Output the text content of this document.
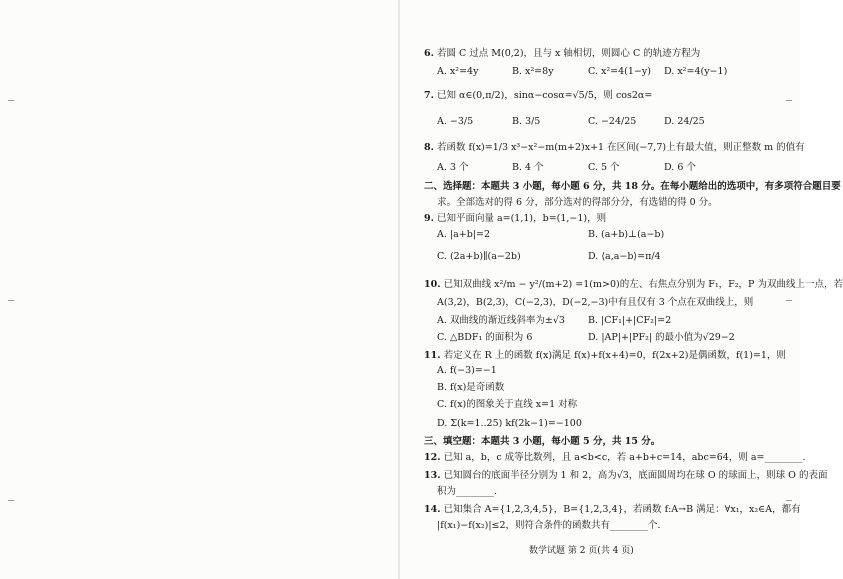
6. 若圆 C 过点 M(0,2)，且与 x 轴相切，则圆心 C 的轨迹方程为
A. x²=4y	B. x²=8y	C. x²=4(1−y) D. x²=4(y−1)
7. 已知 α∈(0,π/2)，sinα−cosα=√5/5，则 cos2α=
A. −3/5	B. 3/5	C. −24/25	D. 24/25
8. 若函数 f(x)=1/3 x³−x²−m(m+2)x+1 在区间(−7,7)上有最大值，则正整数 m 的值有
A. 3 个	B. 4 个	C. 5 个	D. 6 个
二、选择题：本题共 3 小题，每小题 6 分，共 18 分。在每小题给出的选项中，有多项符合题目要
求。全部选对的得 6 分，部分选对的得部分分，有选错的得 0 分。
9. 已知平面向量 a=(1,1)，b=(1,−1)，则
A. |a+b|=2	B. (a+b)⊥(a−b)
C. (2a+b)∥(a−2b)	D. ⟨a,a−b⟩=π/4
10. 已知双曲线 x²/m − y²/(m+2) =1(m>0)的左、右焦点分别为 F₁，F₂，P 为双曲线上一点，若
A(3,2)，B(2,3)，C(−2,3)，D(−2,−3)中有且仅有 3 个点在双曲线上，则
A. 双曲线的渐近线斜率为±√3 B. |CF₁|+|CF₂|=2
C. △BDF₁ 的面积为 6	D. |AP|+|PF₂| 的最小值为√29−2
11. 若定义在 R 上的函数 f(x)满足 f(x)+f(x+4)=0，f(2x+2)是偶函数，f(1)=1，则
A. f(−3)=−1
B. f(x)是奇函数
C. f(x)的图象关于直线 x=1 对称
D. Σ(k=1..25) kf(2k−1)=−100
三、填空题：本题共 3 小题，每小题 5 分，共 15 分。
12. 已知 a，b，c 成等比数列，且 a<b<c，若 a+b+c=14，abc=64，则 a=________.
13. 已知圆台的底面半径分别为 1 和 2，高为√3，底面圆周均在球 O 的球面上，则球 O 的表面
积为________.
14. 已知集合 A={1,2,3,4,5}，B={1,2,3,4}，若函数 f:A→B 满足：∀x₁，x₂∈A，都有
|f(x₁)−f(x₂)|≤2，则符合条件的函数共有________个.
数学试题 第 2 页(共 4 页)
